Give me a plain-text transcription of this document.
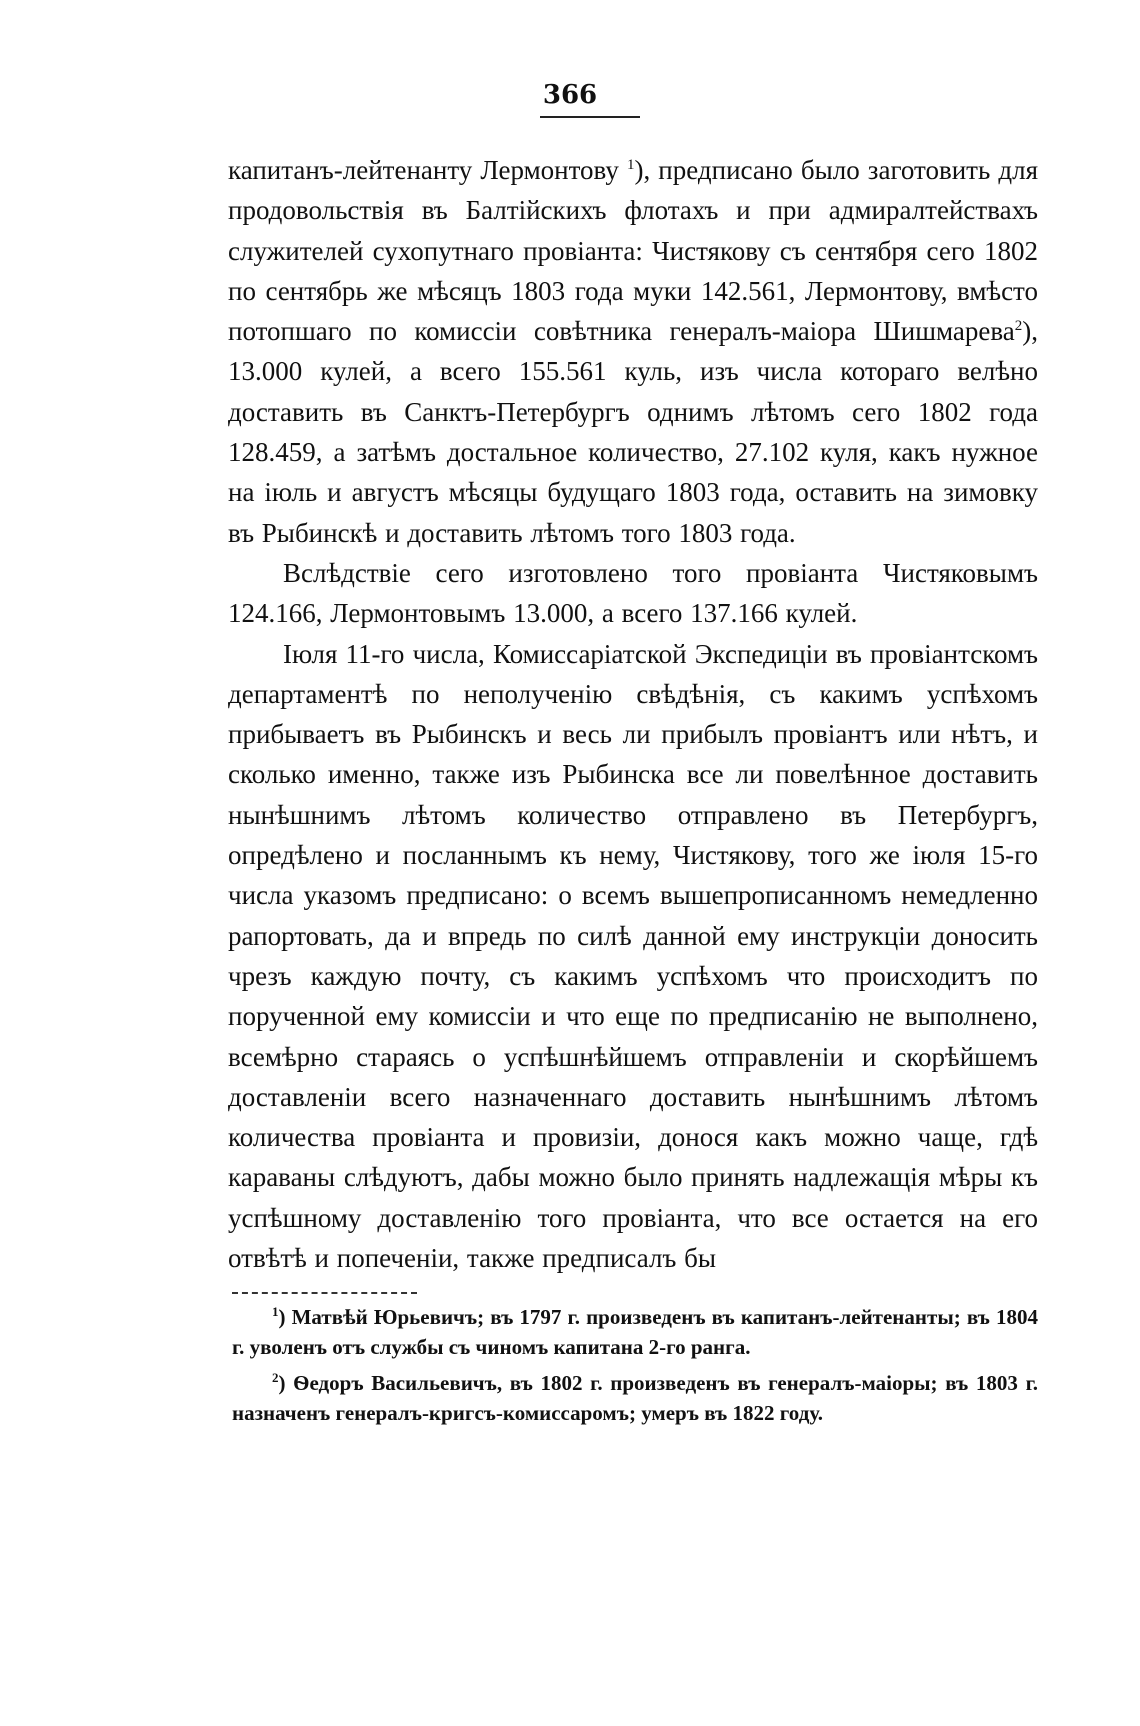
366

капитанъ-лейтенанту Лермонтову $^1$), предписано было заготовить для продовольствія въ Балтійскихъ флотахъ и при адмиралтействахъ служителей сухопутнаго провіанта: Чистякову съ сентября сего 1802 по сентябрь же мѣсяцъ 1803 года муки 142.561, Лермонтову, вмѣсто потопшаго по комиссіи совѣтника генералъ-маіора Шишмарева$^2$), 13.000 кулей, а всего 155.561 куль, изъ числа котораго велѣно доставить въ Санктъ-Петербургъ однимъ лѣтомъ сего 1802 года 128.459, а затѣмъ достальное количество, 27.102 куля, какъ нужное на іюль и августъ мѣсяцы будущаго 1803 года, оставить на зимовку въ Рыбинскѣ и доставить лѣтомъ того 1803 года.

Вслѣдствіе сего изготовлено того провіанта Чистяковымъ 124.166, Лермонтовымъ 13.000, а всего 137.166 кулей.

Іюля 11-го числа, Комиссаріатской Экспедиціи въ провіантскомъ департаментѣ по неполученію свѣдѣнія, съ какимъ успѣхомъ прибываетъ въ Рыбинскъ и весь ли прибылъ провіантъ или нѣтъ, и сколько именно, также изъ Рыбинска все ли повелѣнное доставить нынѣшнимъ лѣтомъ количество отправлено въ Петербургъ, опредѣлено и посланнымъ къ нему, Чистякову, того же іюля 15-го числа указомъ предписано: о всемъ вышепрописанномъ немедленно рапортовать, да и впредь по силѣ данной ему инструкціи доносить чрезъ каждую почту, съ какимъ успѣхомъ что происходитъ по порученной ему комиссіи и что еще по предписанію не выполнено, всемѣрно стараясь о успѣшнѣйшемъ отправленіи и скорѣйшемъ доставленіи всего назначеннаго доставить нынѣшнимъ лѣтомъ количества провіанта и провизіи, донося какъ можно чаще, гдѣ караваны слѣдуютъ, дабы можно было принять надлежащія мѣры къ успѣшному доставленію того провіанта, что все остается на его отвѣтѣ и попеченіи, также предписалъ бы

$^1$) Матвѣй Юрьевичъ; въ 1797 г. произведенъ въ капитанъ-лейтенанты; въ 1804 г. уволенъ отъ службы съ чиномъ капитана 2-го ранга.

$^2$) Ѳедоръ Васильевичъ, въ 1802 г. произведенъ въ генералъ-маіоры; въ 1803 г. назначенъ генералъ-кригсъ-комиссаромъ; умеръ въ 1822 году.
